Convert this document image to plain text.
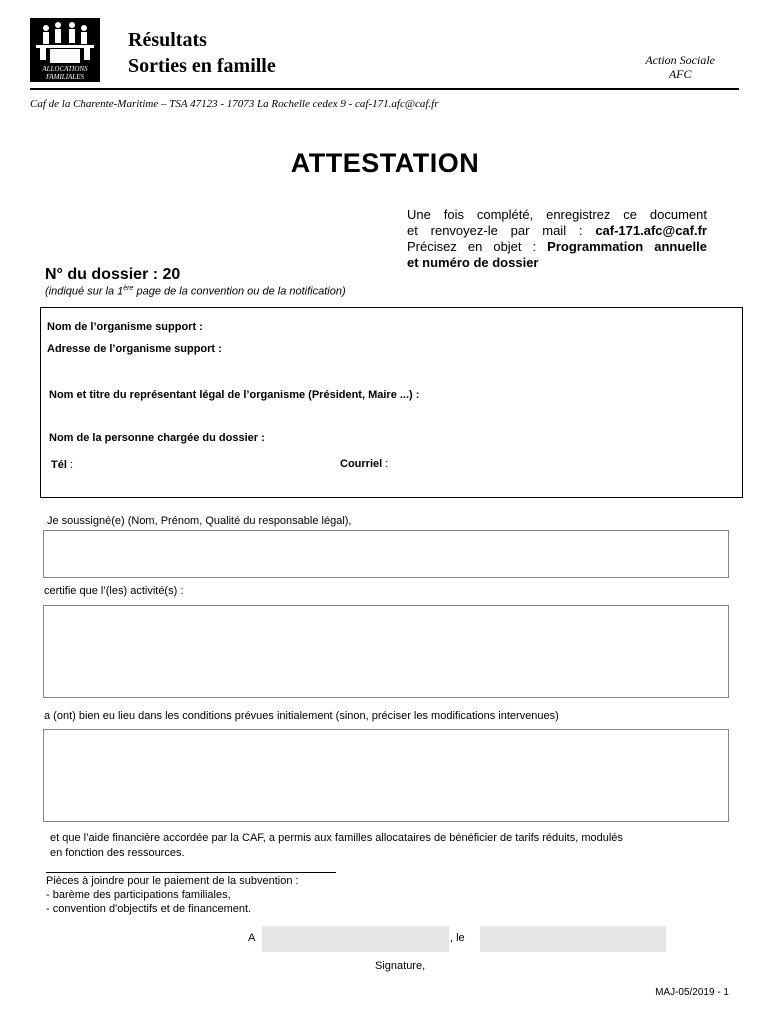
ALLOCATIONS FAMILIALES
Résultats
Sorties en famille	Action Sociale
AFC
Caf de la Charente-Maritime – TSA 47123 - 17073 La Rochelle cedex 9 - caf-171.afc@caf.fr
ATTESTATION
Une fois complété, enregistrez ce document
et renvoyez-le par mail : caf-171.afc@caf.fr
Précisez en objet : Programmation annuelle
et numéro de dossier
N° du dossier : 20
(indiqué sur la 1ère page de la convention ou de la notification)
Nom de l’organisme support :
Adresse de l’organisme support :
Nom et titre du représentant légal de l’organisme (Président, Maire ...) :
Nom de la personne chargée du dossier :
Tél :	Courriel :
Je soussigné(e) (Nom, Prénom, Qualité du responsable légal),
certifie que l’(les) activité(s) :
a (ont) bien eu lieu dans les conditions prévues initialement (sinon, préciser les modifications intervenues)
et que l’aide financière accordée par la CAF, a permis aux familles allocataires de bénéficier de tarifs réduits, modulés
en fonction des ressources.
Pièces à joindre pour le paiement de la subvention :
- barème des participations familiales,
- convention d'objectifs et de financement.
A	, le
Signature,
MAJ-05/2019 - 1
